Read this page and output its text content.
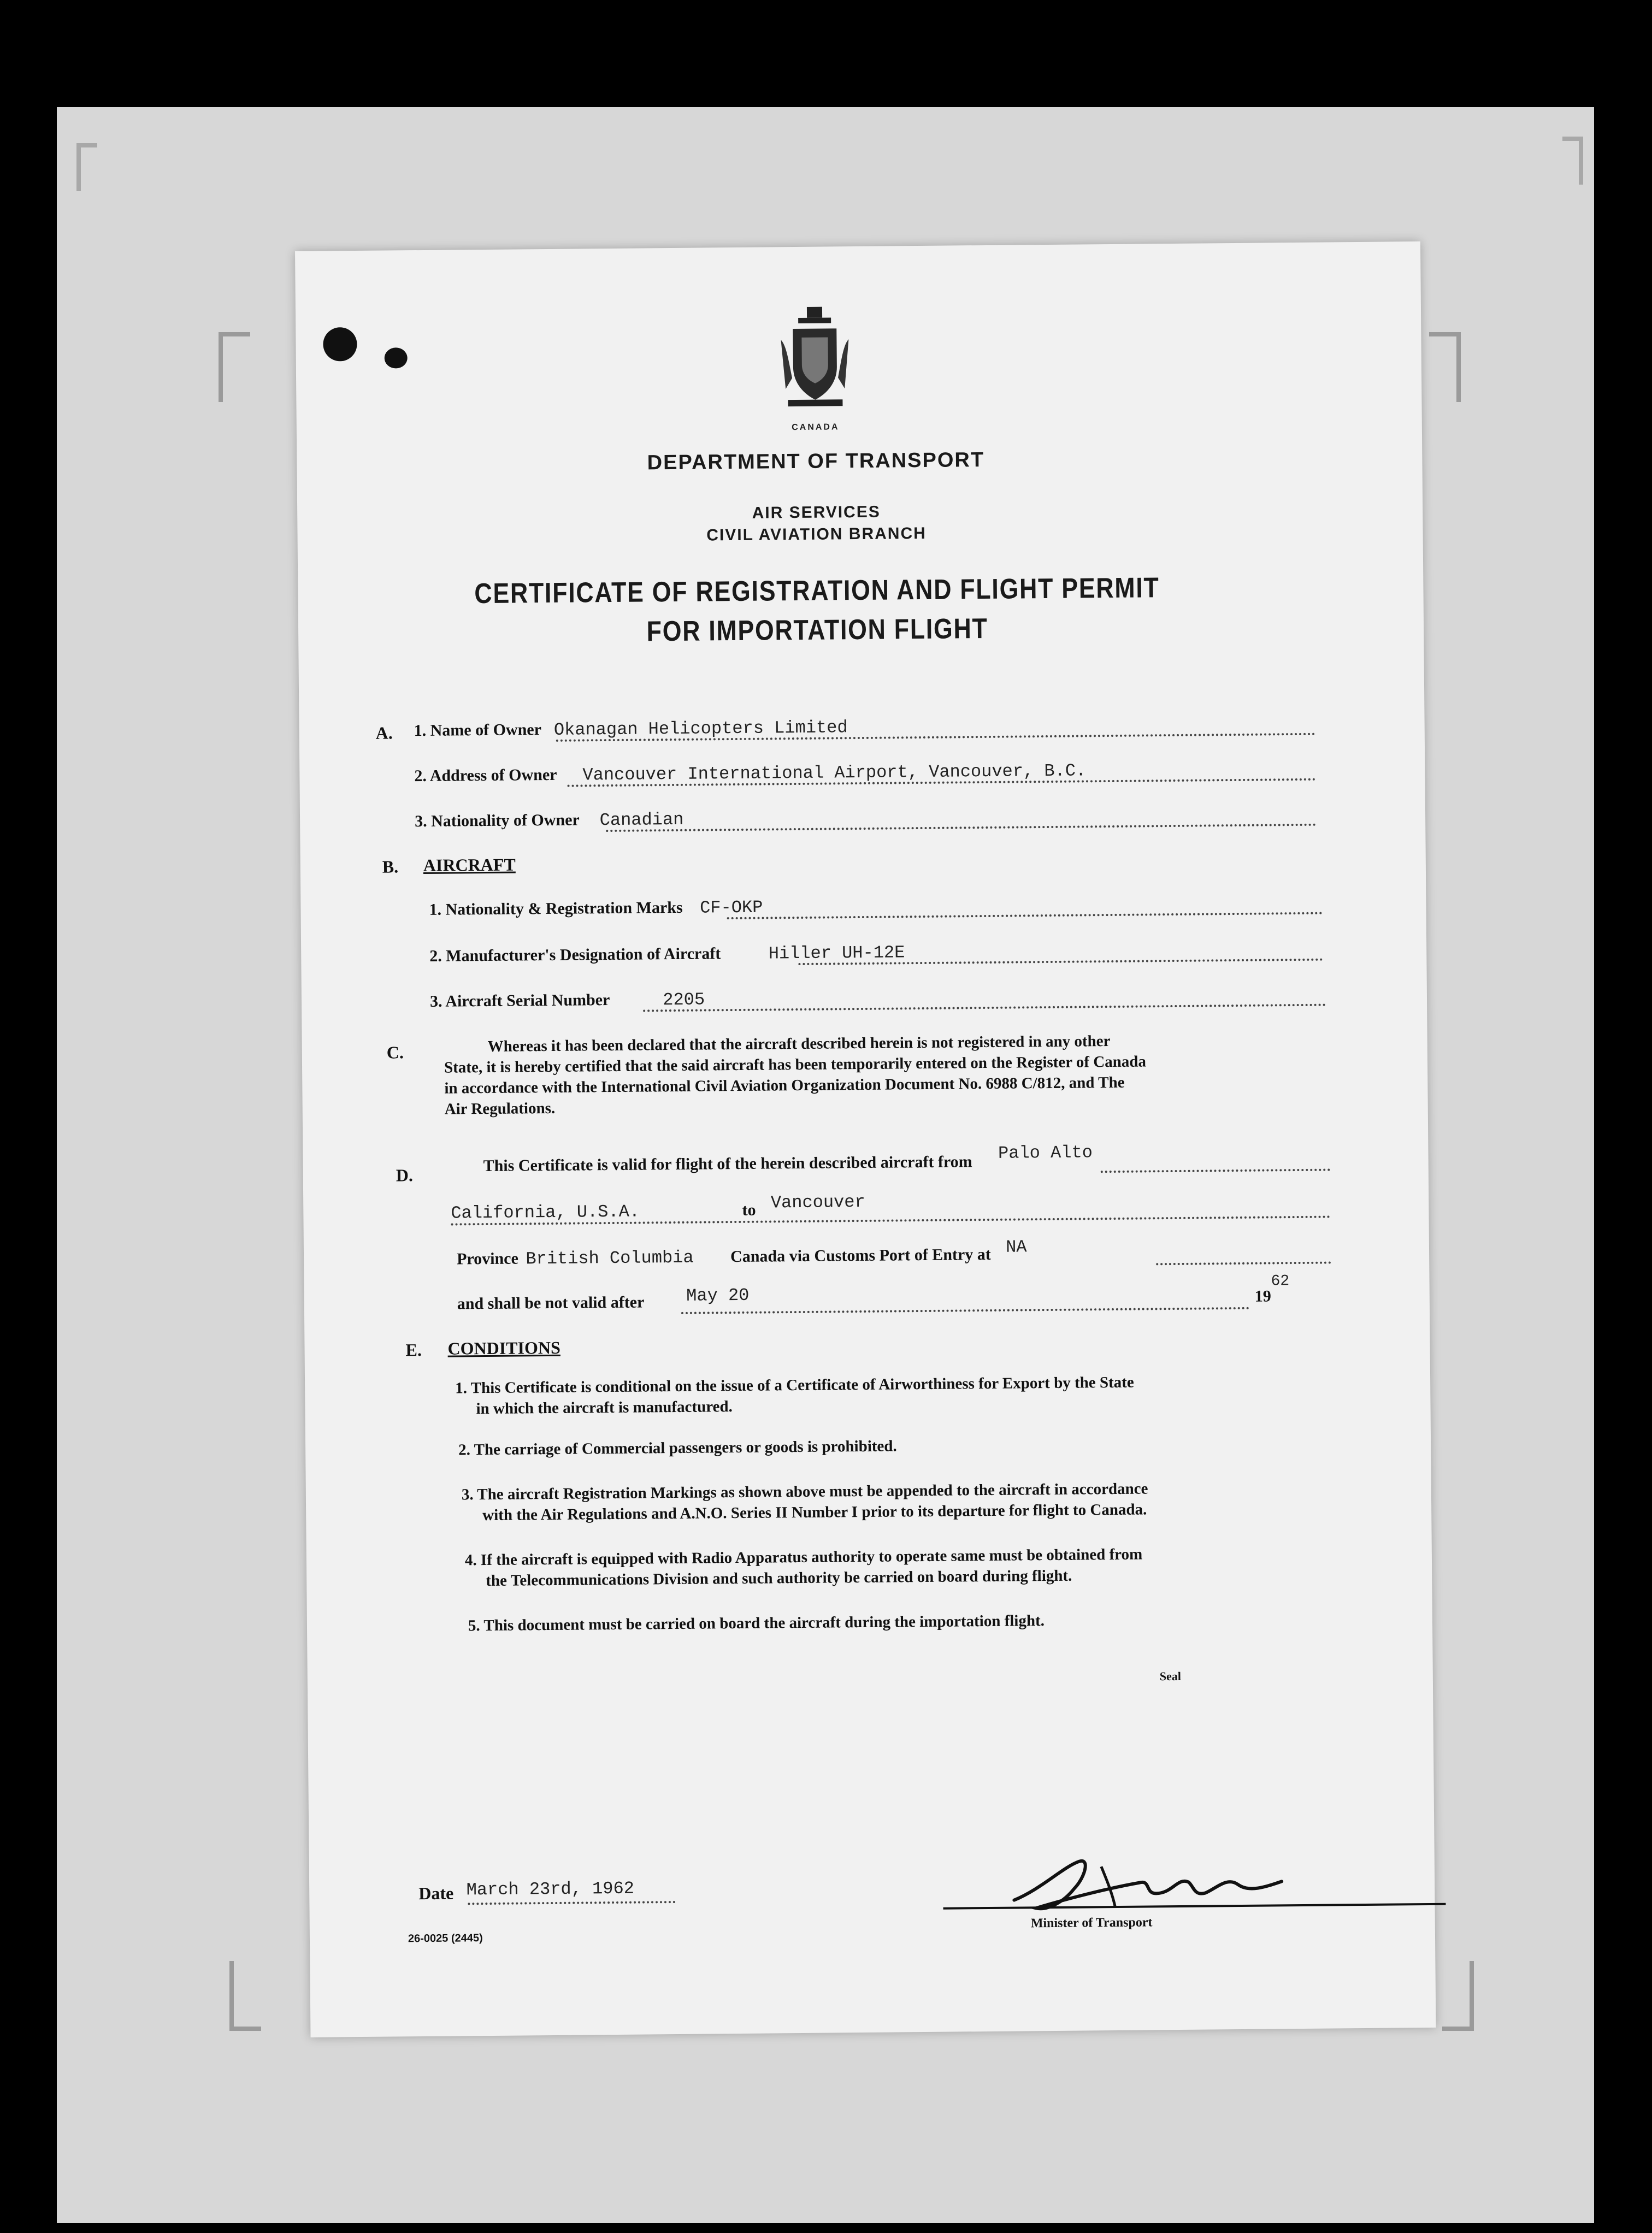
CANADA
DEPARTMENT OF TRANSPORT
AIR SERVICES
CIVIL AVIATION BRANCH
CERTIFICATE OF REGISTRATION AND FLIGHT PERMIT
FOR IMPORTATION FLIGHT
A. 1. Name of Owner Okanagan Helicopters Limited
2. Address of Owner Vancouver International Airport, Vancouver, B.C.
3. Nationality of Owner Canadian
B. AIRCRAFT
1. Nationality & Registration Marks CF-OKP
2. Manufacturer's Designation of Aircraft	Hiller UH-12E
3. Aircraft Serial Number	2205
C.	Whereas it has been declared that the aircraft described herein is not registered in any other
State, it is hereby certified that the said aircraft has been temporarily entered on the Register of Canada
in accordance with the International Civil Aviation Organization Document No. 6988 C/812, and The
Air Regulations.
D.
This Certificate is valid for flight of the herein described aircraft from Palo Alto
California, U.S.A.	to Vancouver
Province British Columbia Canada via Customs Port of Entry at NA
and shall be not valid after May 20	1962
E. CONDITIONS
1. This Certificate is conditional on the issue of a Certificate of Airworthiness for Export by the State
in which the aircraft is manufactured.
2. The carriage of Commercial passengers or goods is prohibited.
3. The aircraft Registration Markings as shown above must be appended to the aircraft in accordance
with the Air Regulations and A.N.O. Series II Number I prior to its departure for flight to Canada.
4. If the aircraft is equipped with Radio Apparatus authority to operate same must be obtained from
the Telecommunications Division and such authority be carried on board during flight.
5. This document must be carried on board the aircraft during the importation flight.
Seal
Date March 23rd, 1962
26-0025 (2445)
Minister of Transport
